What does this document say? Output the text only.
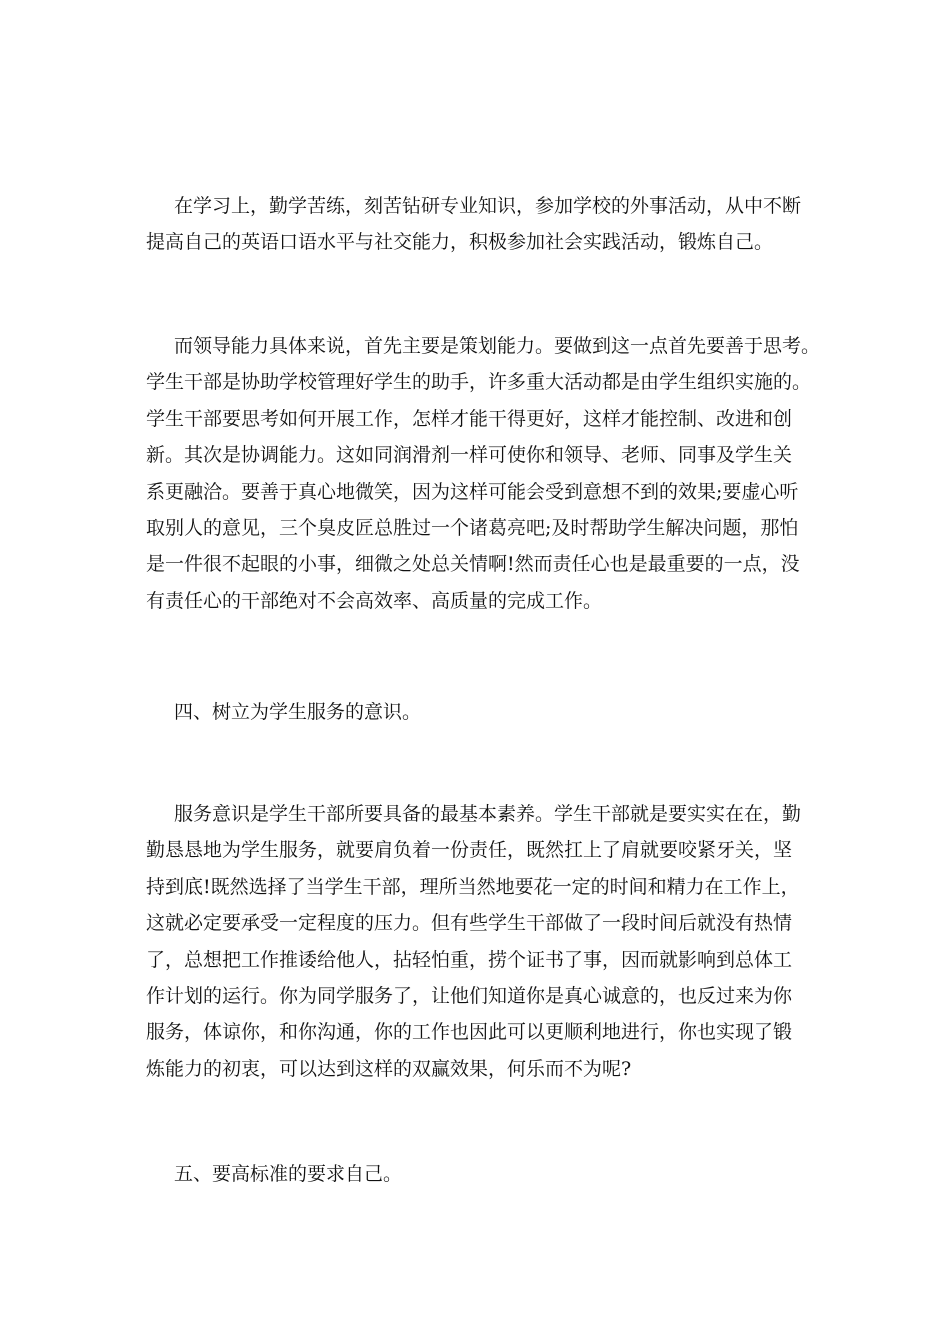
在学习上，勤学苦练，刻苦钻研专业知识，参加学校的外事活动，从中不断
提高自己的英语口语水平与社交能力，积极参加社会实践活动，锻炼自己。

而领导能力具体来说，首先主要是策划能力。要做到这一点首先要善于思考。
学生干部是协助学校管理好学生的助手，许多重大活动都是由学生组织实施的。
学生干部要思考如何开展工作，怎样才能干得更好，这样才能控制、改进和创
新。其次是协调能力。这如同润滑剂一样可使你和领导、老师、同事及学生关
系更融洽。要善于真心地微笑，因为这样可能会受到意想不到的效果;要虚心听
取别人的意见，三个臭皮匠总胜过一个诸葛亮吧;及时帮助学生解决问题，那怕
是一件很不起眼的小事，细微之处总关情啊!然而责任心也是最重要的一点，没
有责任心的干部绝对不会高效率、高质量的完成工作。

四、树立为学生服务的意识。

服务意识是学生干部所要具备的最基本素养。学生干部就是要实实在在，勤
勤恳恳地为学生服务，就要肩负着一份责任，既然扛上了肩就要咬紧牙关，坚
持到底!既然选择了当学生干部，理所当然地要花一定的时间和精力在工作上，
这就必定要承受一定程度的压力。但有些学生干部做了一段时间后就没有热情
了，总想把工作推诿给他人，拈轻怕重，捞个证书了事，因而就影响到总体工
作计划的运行。你为同学服务了，让他们知道你是真心诚意的，也反过来为你
服务，体谅你，和你沟通，你的工作也因此可以更顺利地进行，你也实现了锻
炼能力的初衷，可以达到这样的双赢效果，何乐而不为呢?

五、要高标准的要求自己。
